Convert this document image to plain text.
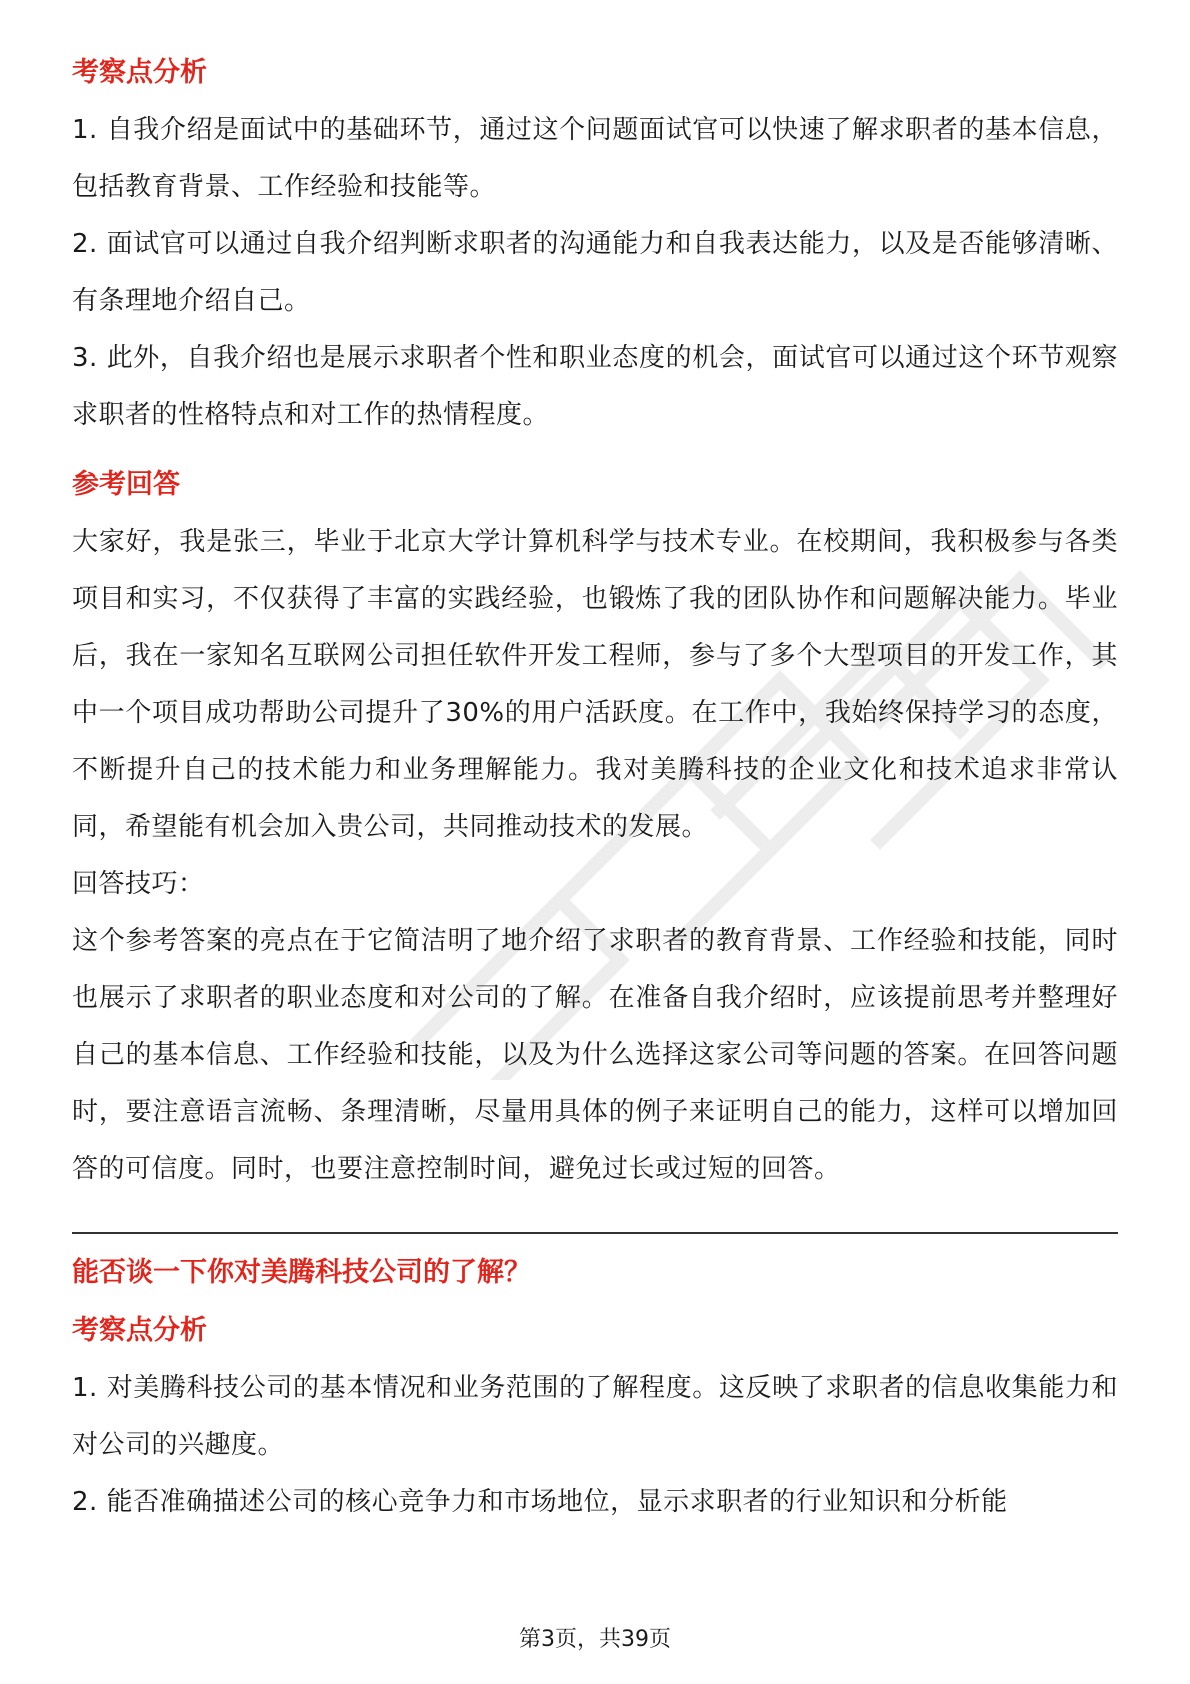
考察点分析

1. 自我介绍是面试中的基础环节，通过这个问题面试官可以快速了解求职者的基本信息，包括教育背景、工作经验和技能等。

2. 面试官可以通过自我介绍判断求职者的沟通能力和自我表达能力，以及是否能够清晰、有条理地介绍自己。

3. 此外，自我介绍也是展示求职者个性和职业态度的机会，面试官可以通过这个环节观察求职者的性格特点和对工作的热情程度。

参考回答

大家好，我是张三，毕业于北京大学计算机科学与技术专业。在校期间，我积极参与各类项目和实习，不仅获得了丰富的实践经验，也锻炼了我的团队协作和问题解决能力。毕业后，我在一家知名互联网公司担任软件开发工程师，参与了多个大型项目的开发工作，其中一个项目成功帮助公司提升了30%的用户活跃度。在工作中，我始终保持学习的态度，不断提升自己的技术能力和业务理解能力。我对美腾科技的企业文化和技术追求非常认同，希望能有机会加入贵公司，共同推动技术的发展。

回答技巧：

这个参考答案的亮点在于它简洁明了地介绍了求职者的教育背景、工作经验和技能，同时也展示了求职者的职业态度和对公司的了解。在准备自我介绍时，应该提前思考并整理好自己的基本信息、工作经验和技能，以及为什么选择这家公司等问题的答案。在回答问题时，要注意语言流畅、条理清晰，尽量用具体的例子来证明自己的能力，这样可以增加回答的可信度。同时，也要注意控制时间，避免过长或过短的回答。

能否谈一下你对美腾科技公司的了解？
考察点分析

1. 对美腾科技公司的基本情况和业务范围的了解程度。这反映了求职者的信息收集能力和对公司的兴趣度。

2. 能否准确描述公司的核心竞争力和市场地位，显示求职者的行业知识和分析能

第3页，共39页
